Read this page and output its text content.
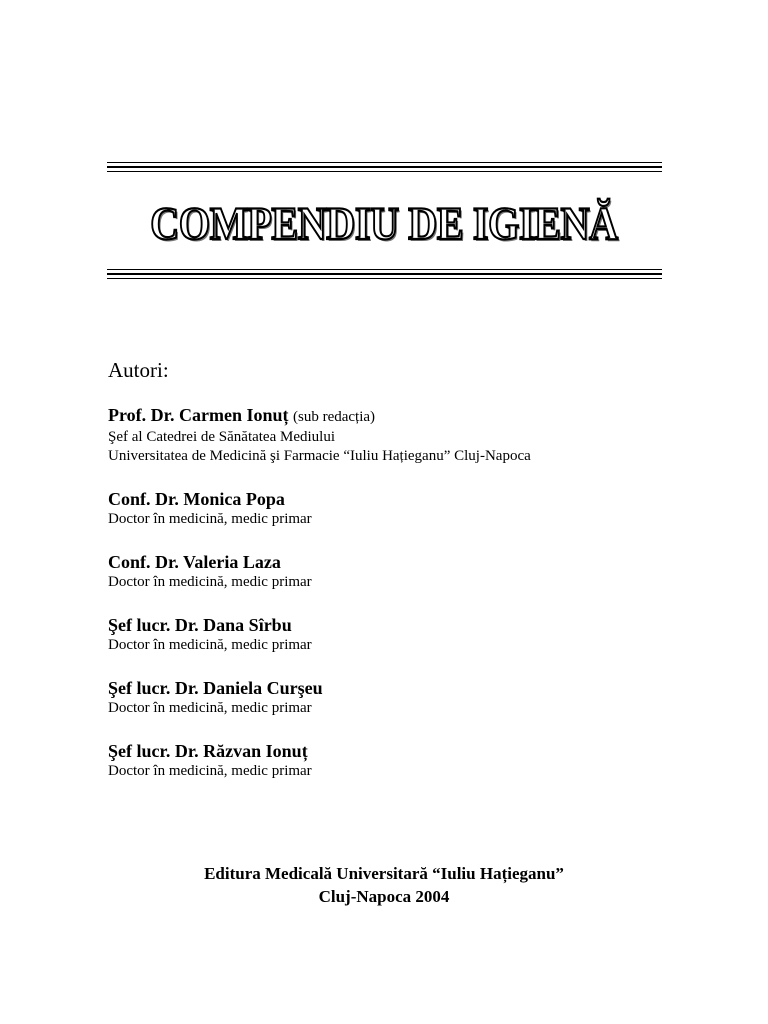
COMPENDIU DE IGIENĂ
Autori:
Prof. Dr. Carmen Ionuț (sub redacția)
Şef al Catedrei de Sănătatea Mediului
Universitatea de Medicină şi Farmacie “Iuliu Hațieganu” Cluj-Napoca
Conf. Dr. Monica Popa
Doctor în medicină, medic primar
Conf. Dr. Valeria Laza
Doctor în medicină, medic primar
Şef lucr. Dr. Dana Sîrbu
Doctor în medicină, medic primar
Şef lucr. Dr. Daniela Curşeu
Doctor în medicină, medic primar
Şef lucr. Dr. Răzvan Ionuț
Doctor în medicină, medic primar
Editura Medicală Universitară “Iuliu Hațieganu”
Cluj-Napoca 2004
